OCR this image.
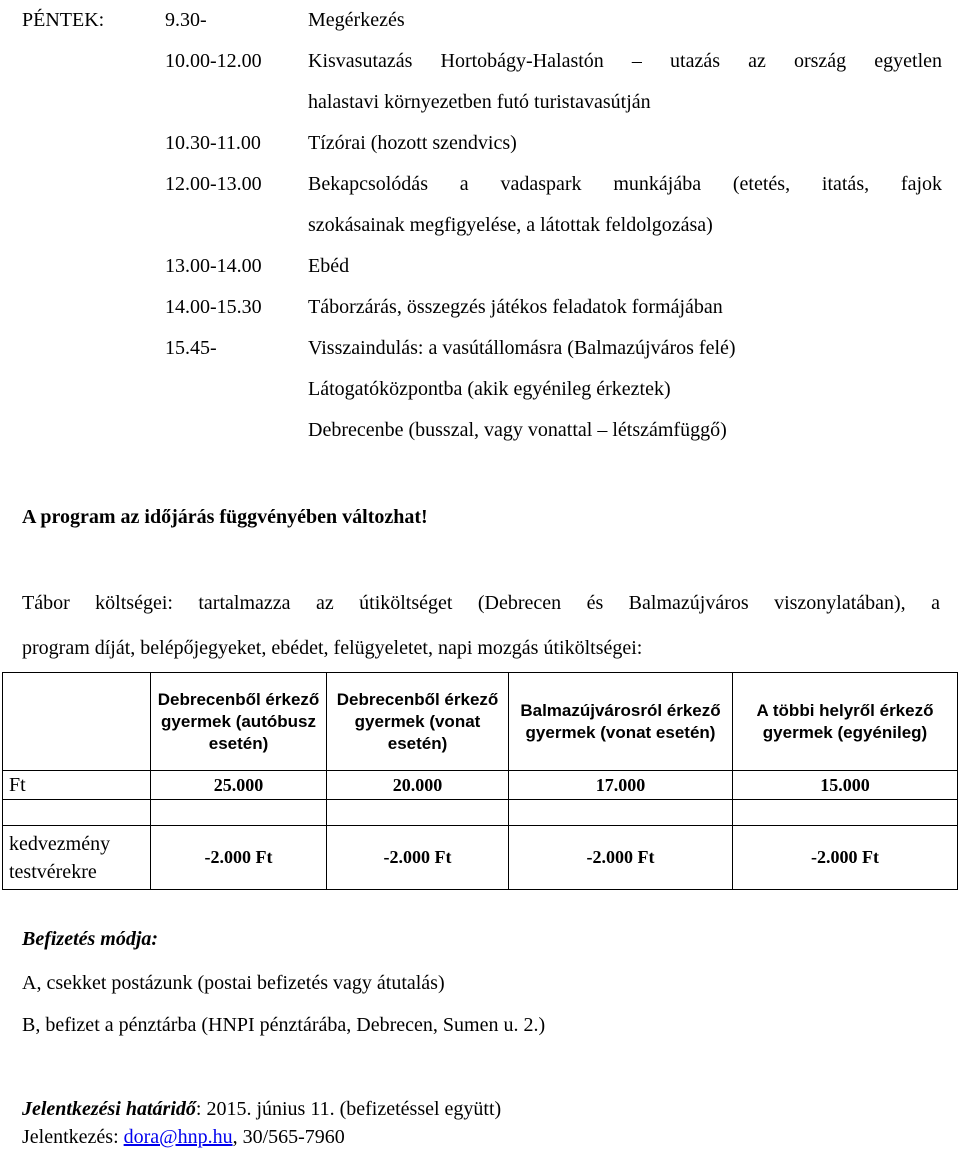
PÉNTEK:	9.30-	Megérkezés
10.00-12.00	Kisvasutazás Hortobágy-Halastón – utazás az ország egyetlen
halastavi környezetben futó turistavasútján
10.30-11.00	Tízórai (hozott szendvics)
12.00-13.00	Bekapcsolódás a vadaspark munkájába (etetés, itatás, fajok
szokásainak megfigyelése, a látottak feldolgozása)
13.00-14.00	Ebéd
14.00-15.30	Táborzárás, összegzés játékos feladatok formájában
15.45-	Visszaindulás: a vasútállomásra (Balmazújváros felé)
Látogatóközpontba (akik egyénileg érkeztek)
Debrecenbe (busszal, vagy vonattal – létszámfüggő)
A program az időjárás függvényében változhat!
Tábor költségei: tartalmazza az útiköltséget (Debrecen és Balmazújváros viszonylatában), a
program díját, belépőjegyeket, ebédet, felügyeletet, napi mozgás útiköltségei:
	Debrecenből érkező gyermek (autóbusz esetén)	Debrecenből érkező gyermek (vonat esetén)	Balmazújvárosról érkező gyermek (vonat esetén)	A többi helyről érkező gyermek (egyénileg)
Ft	25.000	20.000	17.000	15.000

kedvezmény testvérekre	-2.000 Ft	-2.000 Ft	-2.000 Ft	-2.000 Ft
Befizetés módja:
A, csekket postázunk (postai befizetés vagy átutalás)
B, befizet a pénztárba (HNPI pénztárába, Debrecen, Sumen u. 2.)
Jelentkezési határidő: 2015. június 11. (befizetéssel együtt)
Jelentkezés: dora@hnp.hu, 30/565-7960
